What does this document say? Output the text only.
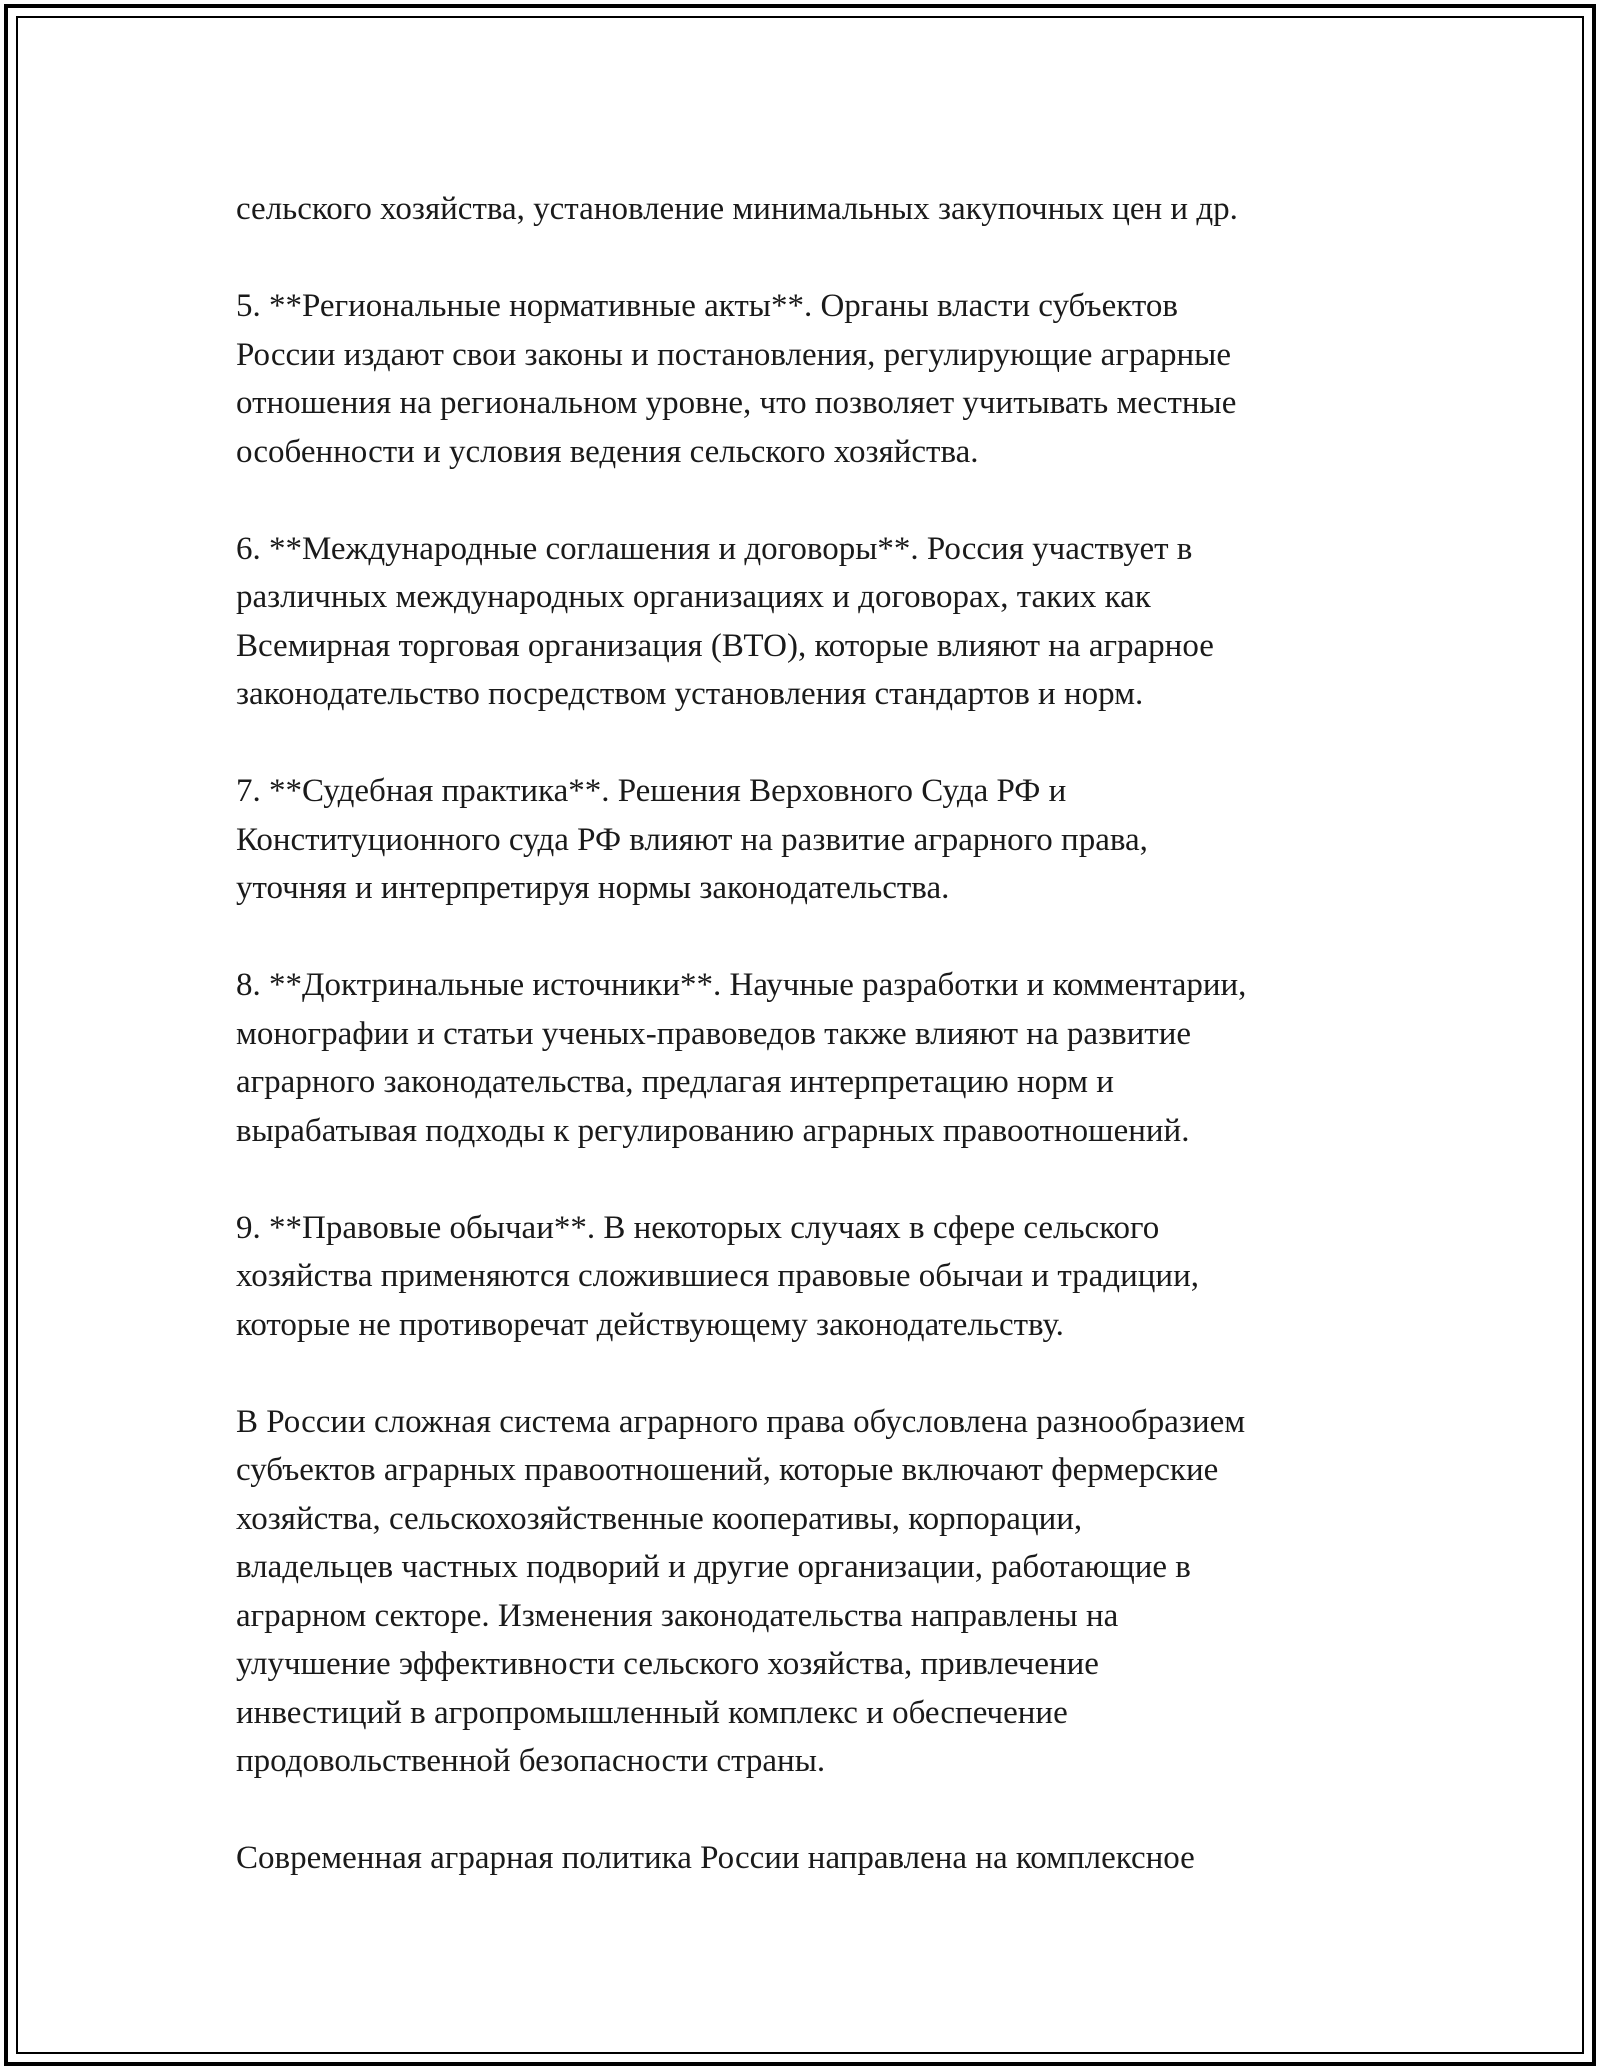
сельского хозяйства, установление минимальных закупочных цен и др.

5. **Региональные нормативные акты**. Органы власти субъектов
России издают свои законы и постановления, регулирующие аграрные
отношения на региональном уровне, что позволяет учитывать местные
особенности и условия ведения сельского хозяйства.

6. **Международные соглашения и договоры**. Россия участвует в
различных международных организациях и договорах, таких как
Всемирная торговая организация (ВТО), которые влияют на аграрное
законодательство посредством установления стандартов и норм.

7. **Судебная практика**. Решения Верховного Суда РФ и
Конституционного суда РФ влияют на развитие аграрного права,
уточняя и интерпретируя нормы законодательства.

8. **Доктринальные источники**. Научные разработки и комментарии,
монографии и статьи ученых-правоведов также влияют на развитие
аграрного законодательства, предлагая интерпретацию норм и
вырабатывая подходы к регулированию аграрных правоотношений.

9. **Правовые обычаи**. В некоторых случаях в сфере сельского
хозяйства применяются сложившиеся правовые обычаи и традиции,
которые не противоречат действующему законодательству.

В России сложная система аграрного права обусловлена разнообразием
субъектов аграрных правоотношений, которые включают фермерские
хозяйства, сельскохозяйственные кооперативы, корпорации,
владельцев частных подворий и другие организации, работающие в
аграрном секторе. Изменения законодательства направлены на
улучшение эффективности сельского хозяйства, привлечение
инвестиций в агропромышленный комплекс и обеспечение
продовольственной безопасности страны.

Современная аграрная политика России направлена на комплексное
